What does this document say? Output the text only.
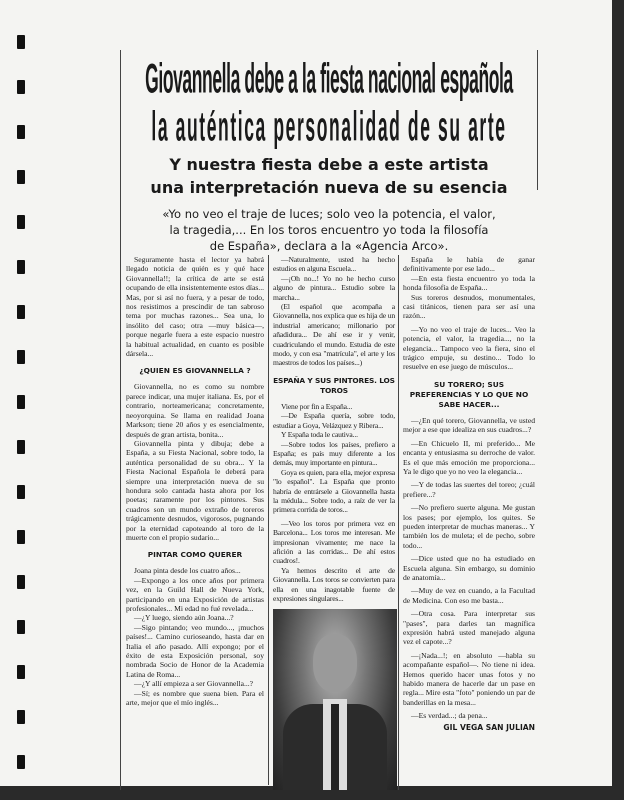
Giovannella debe a la fiesta nacional española
la auténtica personalidad de su arte
Y nuestra fiesta debe a este artista
una interpretación nueva de su esencia
«Yo no veo el traje de luces; solo veo la potencia, el valor,
la tragedia,... En los toros encuentro yo toda la filosofía
de España», declara a la «Agencia Arco».

Seguramente hasta el lector ya habrá llegado noticia de quién es y qué hace Giovannella!!; la crítica de arte se está ocupando de ella insistentemente estos días... Mas, por si así no fuera, y a pesar de todo, nos resistimos a prescindir de tan sabroso tema por muchas razones... Sea una, lo insólito del caso; otra —muy básica—, porque negarle fuera a este espacio nuestro la habitual actualidad, en cuanto es posible dársela...

¿QUIEN ES GIOVANNELLA ?

Giovannella, no es como su nombre parece indicar, una mujer italiana. Es, por el contrario, norteamericana; concretamente, neoyorquina. Se llama en realidad Joana Markson; tiene 20 años y es esencialmente, después de gran artista, bonita...

Giovannella pinta y dibuja; debe a España, a su Fiesta Nacional, sobre todo, la auténtica personalidad de su obra... Y la Fiesta Nacional Española le deberá para siempre una interpretación nueva de su hondura solo cantada hasta ahora por los poetas; raramente por los pintores. Sus cuadros son un mundo extraño de toreros trágicamente desnudos, vigorosos, pugnando por la eternidad capoteando al toro de la muerte con el propio sudario...

PINTAR COMO QUERER

Joana pinta desde los cuatro años...

—Expongo a los once años por primera vez, en la Guild Hall de Nueva York, participando en una Exposición de artistas profesionales... Mi edad no fué revelada...

—¿Y luego, siendo aún Joana...?

—Sigo pintando; veo mundo..., ¡muchos países!... Camino curioseando, hasta dar en Italia el año pasado. Allí expongo; por el éxito de esta Exposición personal, soy nombrada Socio de Honor de la Academia Latina de Roma...

—¿Y allí empieza a ser Giovannella...?

—Sí; es nombre que suena bien. Para el arte, mejor que el mío inglés...

—Naturalmente, usted ha hecho estudios en alguna Escuela...

—¡Oh no...! Yo no he hecho curso alguno de pintura... Estudio sobre la marcha...

(El español que acompaña a Giovannella, nos explica que es hija de un industrial americano; millonario por añadidura... De ahí ese ir y venir, cuadriculando el mundo. Estudia de este modo, y con esa "matrícula", el arte y los maestros de todos los países...)

ESPAÑA Y SUS PINTORES. LOS TOROS

Viene por fin a España...

—De España quería, sobre todo, estudiar a Goya, Velázquez y Ribera...

Y España toda le cautiva...

—Sobre todos los países, prefiero a España; es país muy diferente a los demás, muy importante en pintura...

Goya es quien, para ella, mejor expresa "lo español". La España que pronto habría de entrársele a Giovannella hasta la médula... Sobre todo, a raíz de ver la primera corrida de toros...

—Veo los toros por primera vez en Barcelona... Los toros me interesan. Me impresionan vivamente; me nace la afición a las corridas... De ahí estos cuadros!.

Ya hemos descrito el arte de Giovannella. Los toros se convierten para ella en una inagotable fuente de expresiones singulares...

España le había de ganar definitivamente por ese lado...

—En esta fiesta encuentro yo toda la honda filosofía de España...

Sus toreros desnudos, monumentales, casi titánicos, tienen para ser así una razón...

—Yo no veo el traje de luces... Veo la potencia, el valor, la tragedia..., no la elegancia... Tampoco veo la fiera, sino el trágico empuje, su destino... Todo lo resuelve en ese juego de músculos...

SU TORERO; SUS PREFERENCIAS Y LO QUE NO SABE HACER...

—¿En qué torero, Giovannella, ve usted mejor a ese que idealiza en sus cuadros...?

—En Chicuelo II, mi preferido... Me encanta y entusiasma su derroche de valor. Es el que más emoción me proporciona... Ya le digo que yo no veo la elegancia...

—Y de todas las suertes del toreo; ¿cuál prefiere...?

—No prefiero suerte alguna. Me gustan los pases; por ejemplo, los quites. Se pueden interpretar de muchas maneras... Y también los de muleta; el de pecho, sobre todo...

—Dice usted que no ha estudiado en Escuela alguna. Sin embargo, su dominio de anatomía...

—Muy de vez en cuando, a la Facultad de Medicina. Con eso me basta...

—Otra cosa. Para interpretar sus "pases", para darles tan magnífica expresión habrá usted manejado alguna vez el capote...?

—¡Nada...!; en absoluto —habla su acompañante español—. No tiene ni idea. Hemos querido hacer unas fotos y no habido manera de hacerle dar un pase en regla... Mire esta "foto" poniendo un par de banderillas en la mesa...

—Es verdad...; da pena...

GIL VEGA SAN JULIAN
